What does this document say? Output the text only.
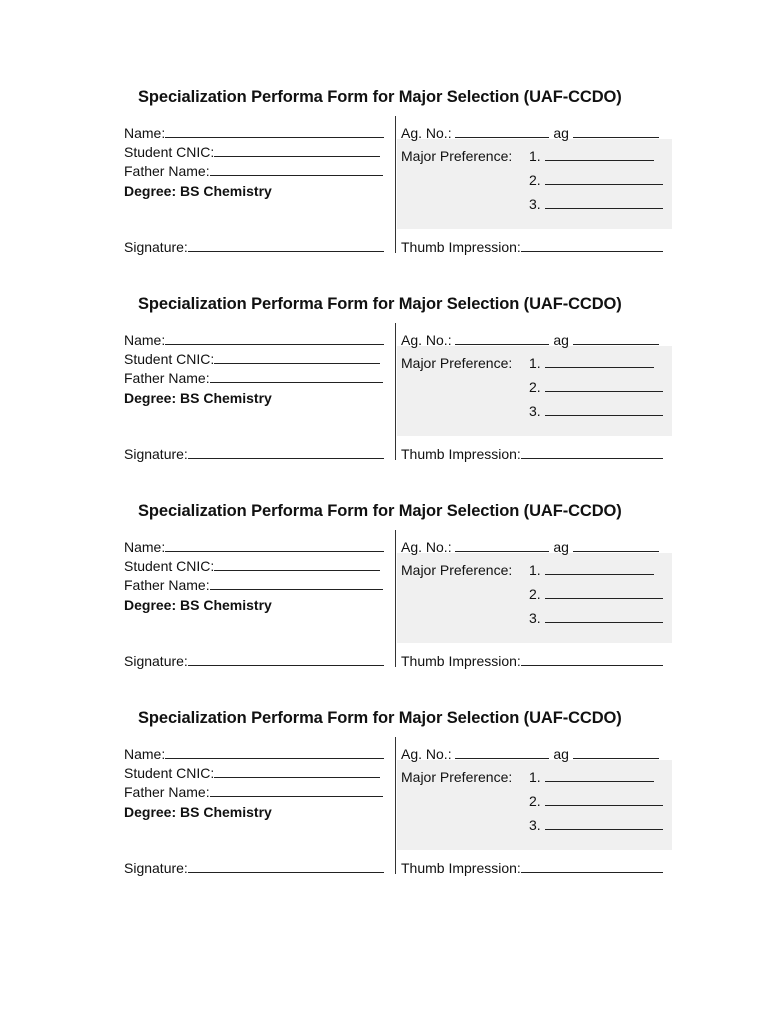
Specialization Performa Form for Major Selection (UAF-CCDO)
Name:
Student CNIC:
Father Name:
Degree: BS Chemistry
Signature:
Ag. No.:	ag
Major Preference: 1.
2.
3.
Thumb Impression:
Specialization Performa Form for Major Selection (UAF-CCDO)
Name:
Student CNIC:
Father Name:
Degree: BS Chemistry
Signature:
Ag. No.:	ag
Major Preference: 1.
2.
3.
Thumb Impression:
Specialization Performa Form for Major Selection (UAF-CCDO)
Name:
Student CNIC:
Father Name:
Degree: BS Chemistry
Signature:
Ag. No.:	ag
Major Preference: 1.
2.
3.
Thumb Impression:
Specialization Performa Form for Major Selection (UAF-CCDO)
Name:
Student CNIC:
Father Name:
Degree: BS Chemistry
Signature:
Ag. No.:	ag
Major Preference: 1.
2.
3.
Thumb Impression:
